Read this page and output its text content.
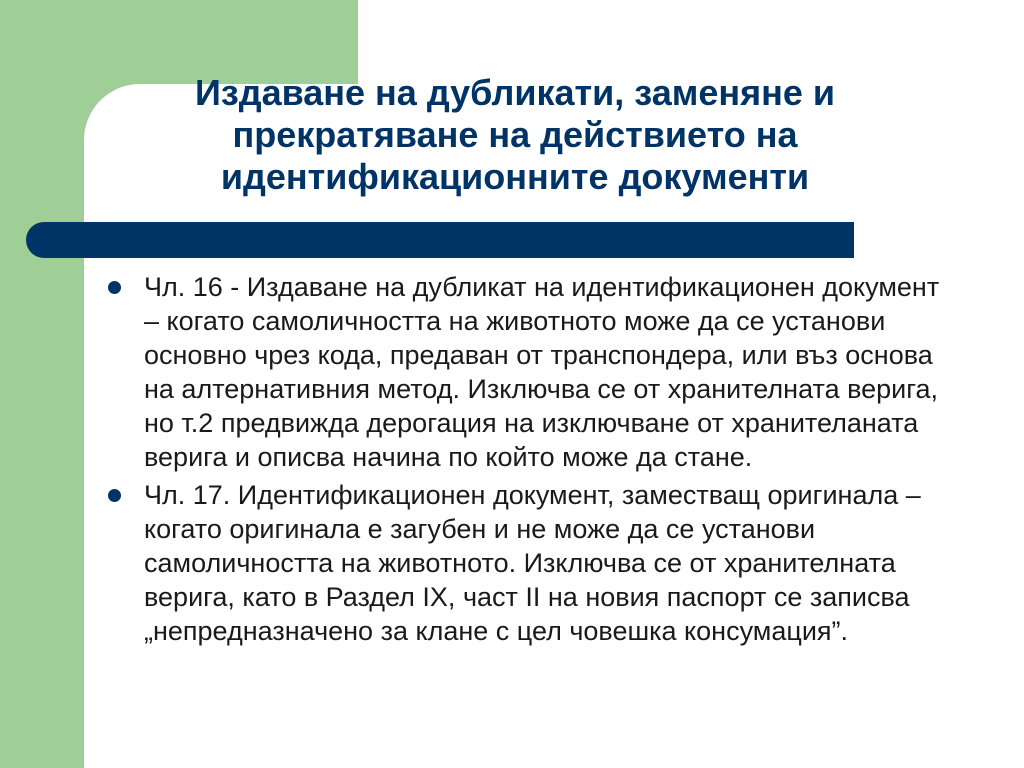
Издаване на дубликати, заменяне и прекратяване на действието на идентификационните документи
Чл. 16 - Издаване на дубликат на идентификационен документ – когато самоличността на животното може да се установи основно чрез кода, предаван от транспондера, или въз основа на алтернативния метод. Изключва се от хранителната верига, но т.2 предвижда дерогация на изключване от хранителаната верига и описва начина по който може да стане.
Чл. 17. Идентификационен документ, заместващ оригинала – когато оригинала е загубен и не може да се установи самоличността на животното. Изключва се от хранителната верига, като в Раздел IX, част II на новия паспорт се записва „непредназначено за клане с цел човешка консумация”.
